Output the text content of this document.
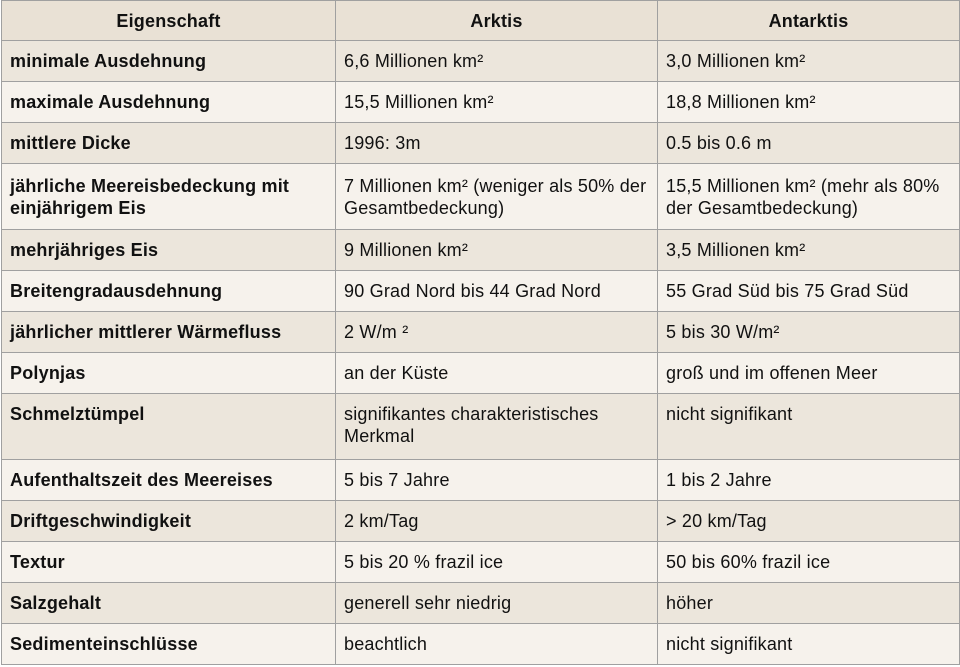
Eigenschaft	Arktis	Antarktis
minimale Ausdehnung	6,6 Millionen km²	3,0 Millionen km²
maximale Ausdehnung	15,5 Millionen km²	18,8 Millionen km²
mittlere Dicke	1996: 3m	0.5 bis 0.6 m
jährliche Meereisbedeckung mit einjährigem Eis	7 Millionen km² (weniger als 50% der Gesamtbedeckung)	15,5 Millionen km² (mehr als 80% der Gesamtbedeckung)
mehrjähriges Eis	9 Millionen km²	3,5 Millionen km²
Breitengradausdehnung	90 Grad Nord bis 44 Grad Nord	55 Grad Süd bis 75 Grad Süd
jährlicher mittlerer Wärmefluss	2 W/m ²	5 bis 30 W/m²
Polynjas	an der Küste	groß und im offenen Meer
Schmelztümpel	signifikantes charakteristisches Merkmal	nicht signifikant
Aufenthaltszeit des Meereises	5 bis 7 Jahre	1 bis 2 Jahre
Driftgeschwindigkeit	2 km/Tag	> 20 km/Tag
Textur	5 bis 20 % frazil ice	50 bis 60% frazil ice
Salzgehalt	generell sehr niedrig	höher
Sedimenteinschlüsse	beachtlich	nicht signifikant
